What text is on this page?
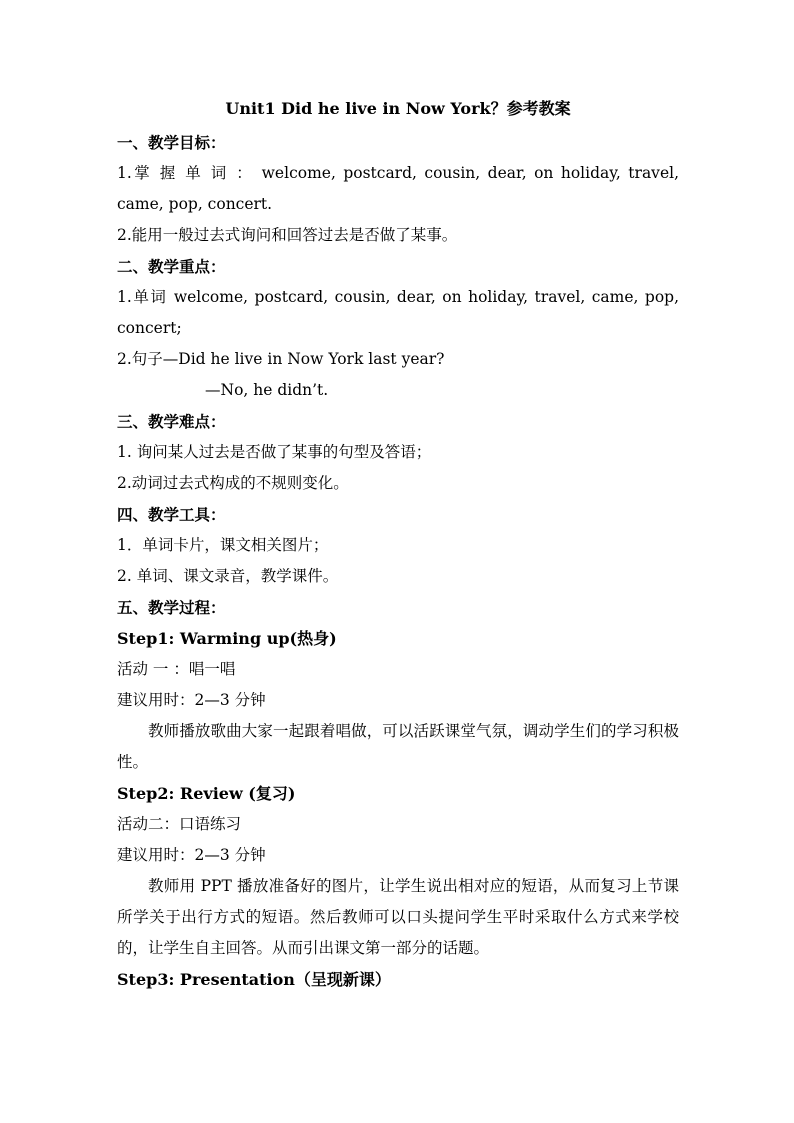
Unit1 Did he live in Now York？参考教案
一、教学目标：
1.掌 握 单 词 ： welcome, postcard, cousin, dear, on holiday, travel, came, pop, concert.
2.能用一般过去式询问和回答过去是否做了某事。
二、教学重点：
1.单词 welcome, postcard, cousin, dear, on holiday, travel, came, pop, concert;
2.句子—Did he live in Now York last year?
—No, he didn’t.
三、教学难点：
1. 询问某人过去是否做了某事的句型及答语；
2.动词过去式构成的不规则变化。
四、教学工具：
1．单词卡片，课文相关图片；
2. 单词、课文录音，教学课件。
五、教学过程：
Step1: Warming up(热身)
活动 一 ：唱一唱
建议用时：2—3 分钟
教师播放歌曲大家一起跟着唱做，可以活跃课堂气氛，调动学生们的学习积极性。
Step2: Review (复习)
活动二：口语练习
建议用时：2—3 分钟
教师用 PPT 播放准备好的图片，让学生说出相对应的短语，从而复习上节课所学关于出行方式的短语。然后教师可以口头提问学生平时采取什么方式来学校的，让学生自主回答。从而引出课文第一部分的话题。
Step3: Presentation（呈现新课）
